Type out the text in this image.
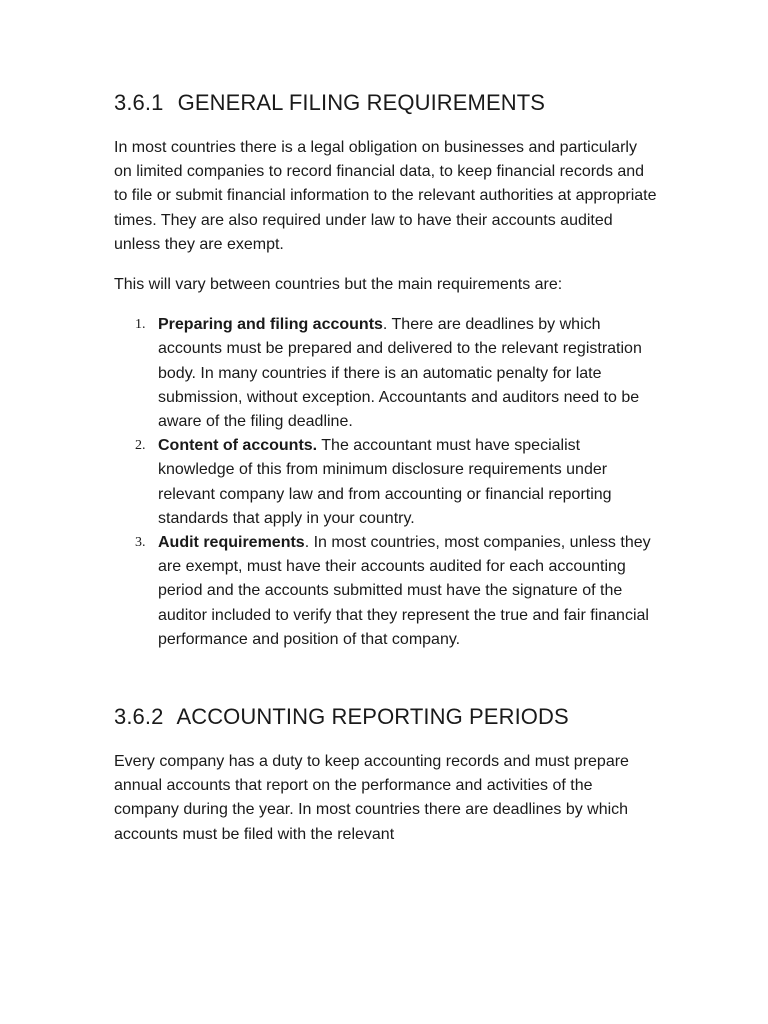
3.6.1 GENERAL FILING REQUIREMENTS

In most countries there is a legal obligation on businesses and particularly on limited companies to record financial data, to keep financial records and to file or submit financial information to the relevant authorities at appropriate times. They are also required under law to have their accounts audited unless they are exempt.

This will vary between countries but the main requirements are:

1. Preparing and filing accounts. There are deadlines by which accounts must be prepared and delivered to the relevant registration body. In many countries if there is an automatic penalty for late submission, without exception. Accountants and auditors need to be aware of the filing deadline.
2. Content of accounts. The accountant must have specialist knowledge of this from minimum disclosure requirements under relevant company law and from accounting or financial reporting standards that apply in your country.
3. Audit requirements. In most countries, most companies, unless they are exempt, must have their accounts audited for each accounting period and the accounts submitted must have the signature of the auditor included to verify that they represent the true and fair financial performance and position of that company.
3.6.2 ACCOUNTING REPORTING PERIODS

Every company has a duty to keep accounting records and must prepare annual accounts that report on the performance and activities of the company during the year. In most countries there are deadlines by which accounts must be filed with the relevant
